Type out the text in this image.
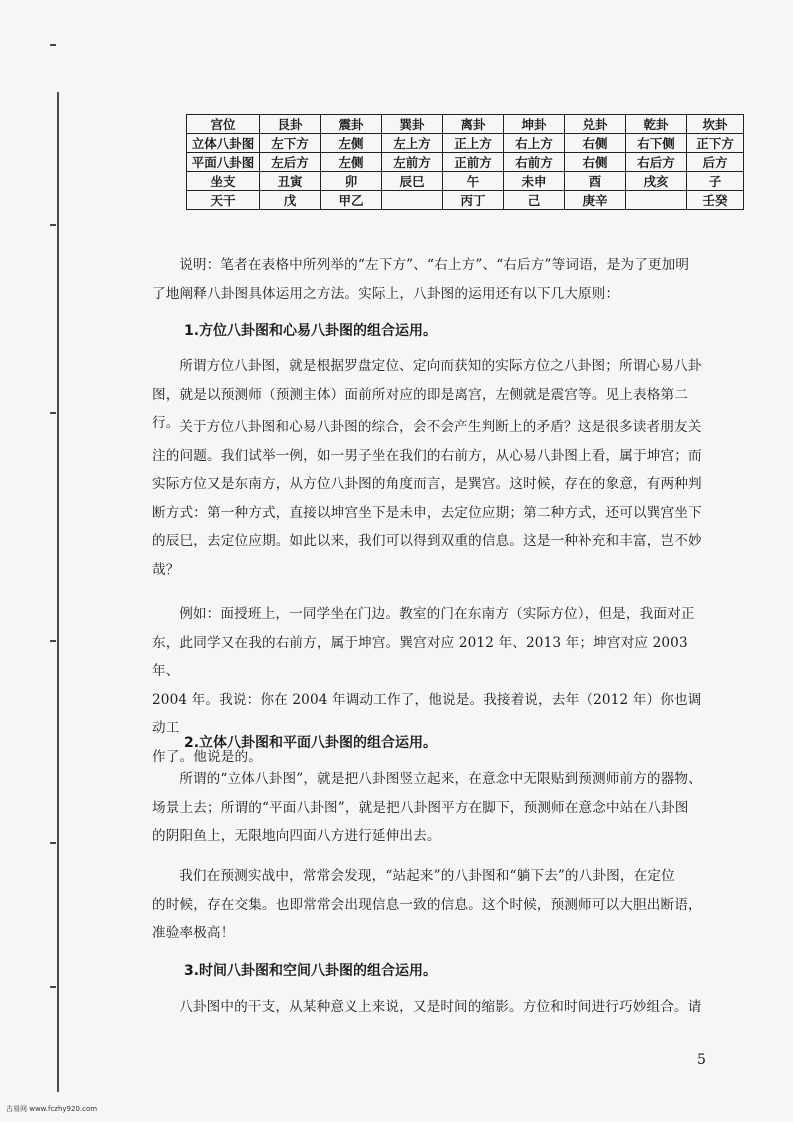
宫位	艮卦	震卦	巽卦	离卦	坤卦	兑卦	乾卦	坎卦
立体八卦图	左下方	左侧	左上方	正上方	右上方	右侧	右下侧	正下方
平面八卦图	左后方	左侧	左前方	正前方	右前方	右侧	右后方	后方
坐支	丑寅	卯	辰巳	午	未申	酉	戌亥	子
天干	戊	甲乙		丙丁	己	庚辛		壬癸

说明：笔者在表格中所列举的“左下方”、“右上方”、“右后方”等词语，是为了更加明

了地阐释八卦图具体运用之方法。实际上，八卦图的运用还有以下几大原则：

1.方位八卦图和心易八卦图的组合运用。

所谓方位八卦图，就是根据罗盘定位、定向而获知的实际方位之八卦图；所谓心易八卦

图，就是以预测师（预测主体）面前所对应的即是离宫，左侧就是震宫等。见上表格第二行。 关于方位八卦图和心易八卦图的综合，会不会产生判断上的矛盾？这是很多读者朋友关

注的问题。我们试举一例，如一男子坐在我们的右前方，从心易八卦图上看，属于坤宫；而

实际方位又是东南方，从方位八卦图的角度而言，是巽宫。这时候，存在的象意，有两种判

断方式：第一种方式，直接以坤宫坐下是未申，去定位应期；第二种方式，还可以巽宫坐下

的辰巳，去定位应期。如此以来，我们可以得到双重的信息。这是一种补充和丰富，岂不妙

哉？

例如：面授班上，一同学坐在门边。教室的门在东南方（实际方位），但是，我面对正

东，此同学又在我的右前方，属于坤宫。巽宫对应 2012 年、2013 年；坤宫对应 2003 年、

2004 年。我说：你在 2004 年调动工作了，他说是。我接着说，去年（2012 年）你也调动工

作了。他说是的。

2.立体八卦图和平面八卦图的组合运用。

所谓的“立体八卦图”，就是把八卦图竖立起来，在意念中无限贴到预测师前方的器物、

场景上去；所谓的“平面八卦图”，就是把八卦图平方在脚下，预测师在意念中站在八卦图

的阴阳鱼上，无限地向四面八方进行延伸出去。

我们在预测实战中，常常会发现，“站起来”的八卦图和“躺下去”的八卦图，在定位

的时候，存在交集。也即常常会出现信息一致的信息。这个时候，预测师可以大胆出断语，

准验率极高！

3.时间八卦图和空间八卦图的组合运用。

八卦图中的干支，从某种意义上来说，又是时间的缩影。方位和时间进行巧妙组合。请

5
古易网 www.fczhy920.com
